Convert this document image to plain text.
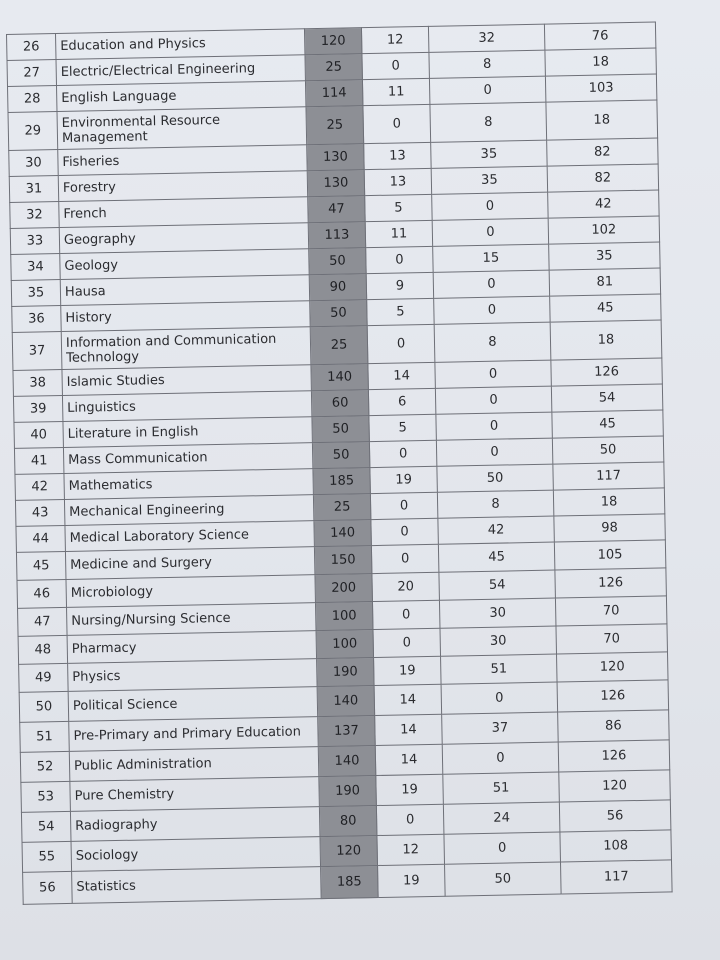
26	Education and Physics	120	12	32	76
27	Electric/Electrical Engineering	25	0	8	18
28	English Language	114	11	0	103
29	Environmental Resource Management	25	0	8	18
30	Fisheries	130	13	35	82
31	Forestry	130	13	35	82
32	French	47	5	0	42
33	Geography	113	11	0	102
34	Geology	50	0	15	35
35	Hausa	90	9	0	81
36	History	50	5	0	45
37	Information and Communication Technology	25	0	8	18
38	Islamic Studies	140	14	0	126
39	Linguistics	60	6	0	54
40	Literature in English	50	5	0	45
41	Mass Communication	50	0	0	50
42	Mathematics	185	19	50	117
43	Mechanical Engineering	25	0	8	18
44	Medical Laboratory Science	140	0	42	98
45	Medicine and Surgery	150	0	45	105
46	Microbiology	200	20	54	126
47	Nursing/Nursing Science	100	0	30	70
48	Pharmacy	100	0	30	70
49	Physics	190	19	51	120
50	Political Science	140	14	0	126
51	Pre-Primary and Primary Education	137	14	37	86
52	Public Administration	140	14	0	126
53	Pure Chemistry	190	19	51	120
54	Radiography	80	0	24	56
55	Sociology	120	12	0	108
56	Statistics	185	19	50	117
